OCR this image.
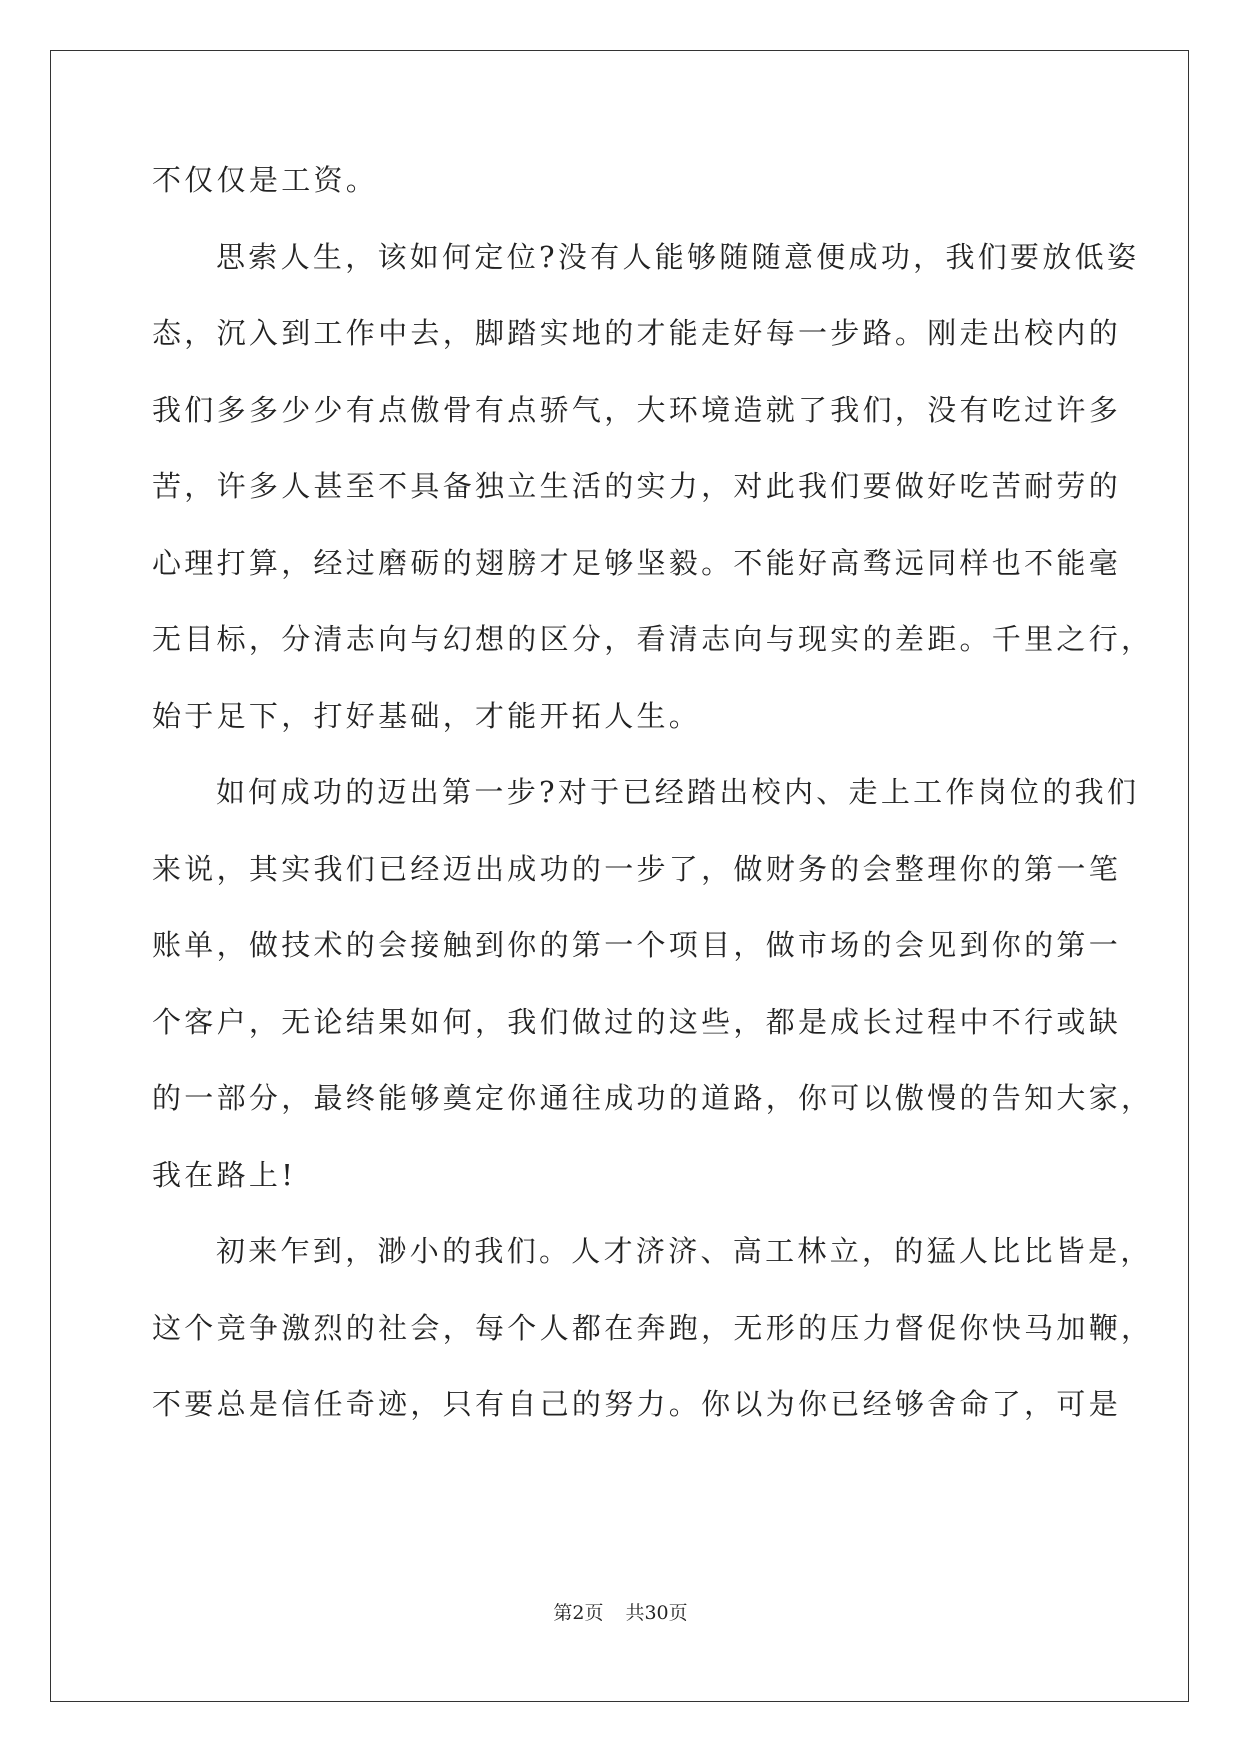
不仅仅是工资。
思索人生，该如何定位?没有人能够随随意便成功，我们要放低姿
态，沉入到工作中去，脚踏实地的才能走好每一步路。刚走出校内的
我们多多少少有点傲骨有点骄气，大环境造就了我们，没有吃过许多
苦，许多人甚至不具备独立生活的实力，对此我们要做好吃苦耐劳的
心理打算，经过磨砺的翅膀才足够坚毅。不能好高骛远同样也不能毫
无目标，分清志向与幻想的区分，看清志向与现实的差距。千里之行，
始于足下，打好基础，才能开拓人生。
如何成功的迈出第一步?对于已经踏出校内、走上工作岗位的我们
来说，其实我们已经迈出成功的一步了，做财务的会整理你的第一笔
账单，做技术的会接触到你的第一个项目，做市场的会见到你的第一
个客户，无论结果如何，我们做过的这些，都是成长过程中不行或缺
的一部分，最终能够奠定你通往成功的道路，你可以傲慢的告知大家，
我在路上!
初来乍到，渺小的我们。人才济济、高工林立，的猛人比比皆是，
这个竞争激烈的社会，每个人都在奔跑，无形的压力督促你快马加鞭，
不要总是信任奇迹，只有自己的努力。你以为你已经够舍命了，可是
第2页 共30页
